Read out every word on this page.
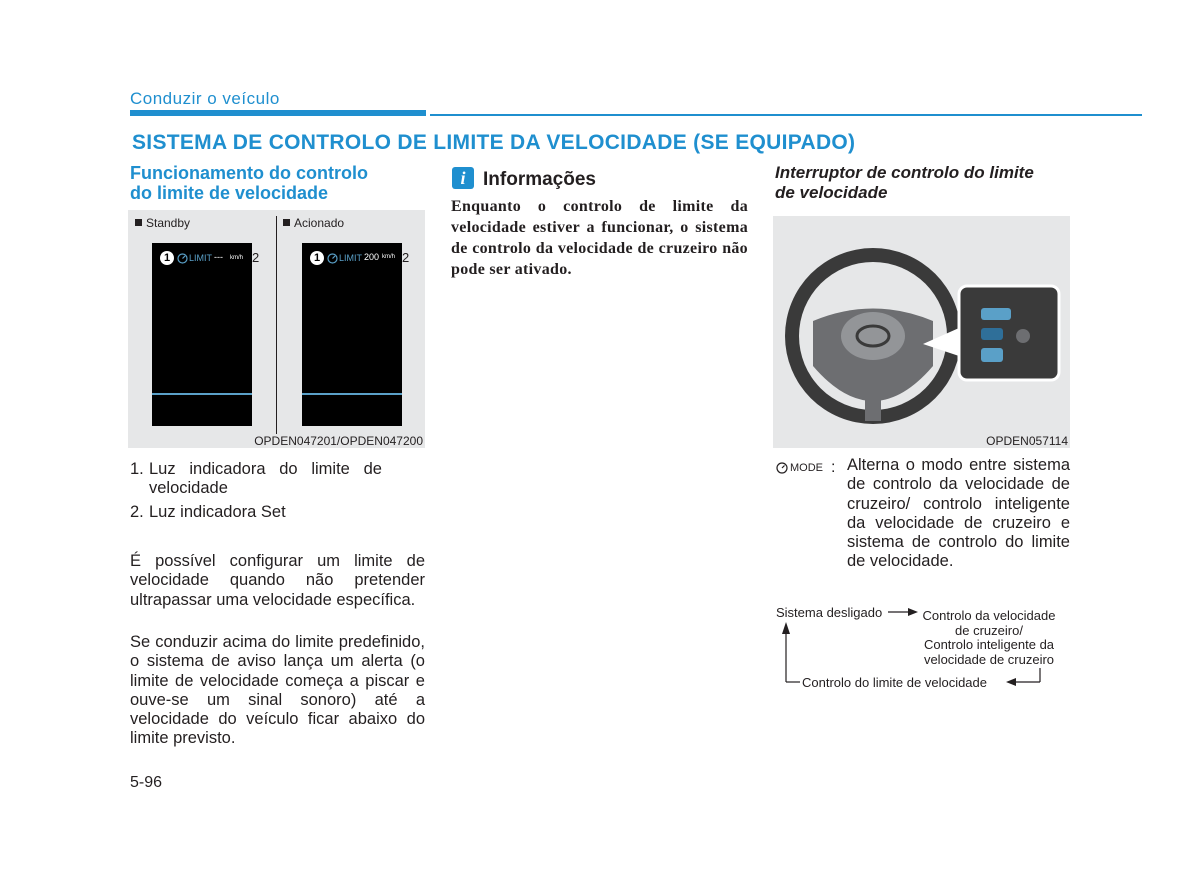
Conduzir o veículo
SISTEMA DE CONTROLO DE LIMITE DA VELOCIDADE (SE EQUIPADO)
Funcionamento do controlo
do limite de velocidade
Standby	Acionado
1	LIMIT --- km/h 2	1	LIMIT 200 km/h 2
OPDEN047201/OPDEN047200
1. Luz   indicadora   do   limite   de
velocidade
2. Luz indicadora Set
É possível configurar um limite de velocidade quando não pretender ultrapassar uma velocidade específica.
Se conduzir acima do limite predefinido, o sistema de aviso lança um alerta (o limite de velocidade começa a piscar e ouve-se um sinal sonoro) até a velocidade do veículo ficar abaixo do limite previsto.
i Informações
Enquanto o controlo de limite da velocidade estiver a funcionar, o sistema de controlo da velocidade de cruzeiro não pode ser ativado.
Interruptor de controlo do limite
de velocidade
OPDEN057114
MODE : Alterna o modo entre sistema de controlo da velocidade de cruzeiro/ controlo inteligente da velocidade de cruzeiro e sistema de controlo do limite de velocidade.
Sistema desligado	Controlo da velocidade
de cruzeiro/
Controlo inteligente da
velocidade de cruzeiro
Controlo do limite de velocidade
5-96
